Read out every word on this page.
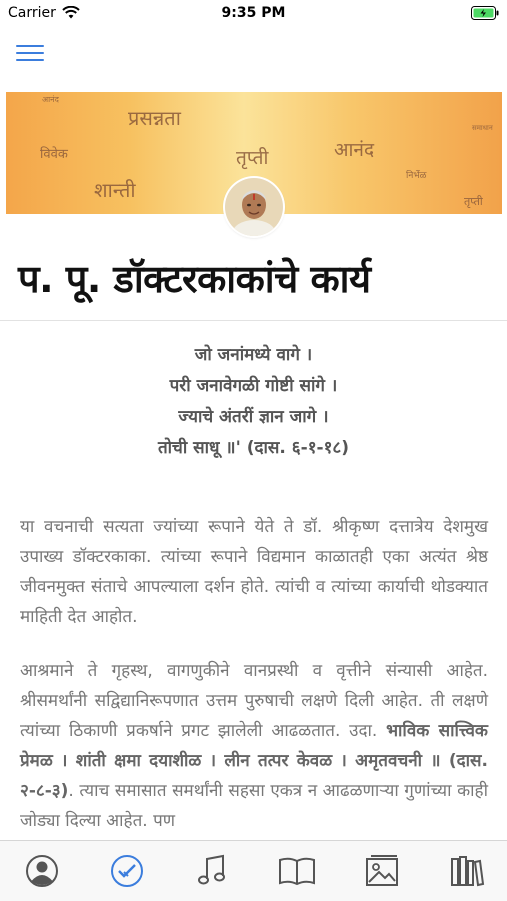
Carrier	9:35 PM
आनंद
प्रसन्नता
विवेक
शान्ती
तृप्ती	आनंद
समाधान
निर्भेळ
तृप्ती
प. पू. डॉक्टरकाकांचे कार्य
जो जनांमध्ये वागे ।
परी जनावेगळी गोष्टी सांगे ।
ज्याचे अंतरीं ज्ञान जागे ।
तोची साधू ॥' (दास. ६-१-१८)
या वचनाची सत्यता ज्यांच्या रूपाने येते ते डॉ. श्रीकृष्ण दत्तात्रेय देशमुख उपाख्य डॉक्टरकाका. त्यांच्या रूपाने विद्यमान काळातही एका अत्यंत श्रेष्ठ जीवनमुक्त संताचे आपल्याला दर्शन होते. त्यांची व त्यांच्या कार्याची थोडक्यात माहिती देत आहोत.
आश्रमाने ते गृहस्थ, वागणुकीने वानप्रस्थी व वृत्तीने संन्यासी आहेत. श्रीसमर्थांनी सद्विद्यानिरूपणात उत्तम पुरुषाची लक्षणे दिली आहेत. ती लक्षणे त्यांच्या ठिकाणी प्रकर्षाने प्रगट झालेली आढळतात. उदा. भाविक सात्त्विक प्रेमळ । शांती क्षमा दयाशीळ । लीन तत्पर केवळ । अमृतवचनी ॥ (दास. २-८-३). त्याच समासात समर्थांनी सहसा एकत्र न आढळणाऱ्या गुणांच्या काही जोड्या दिल्या आहेत. पण
